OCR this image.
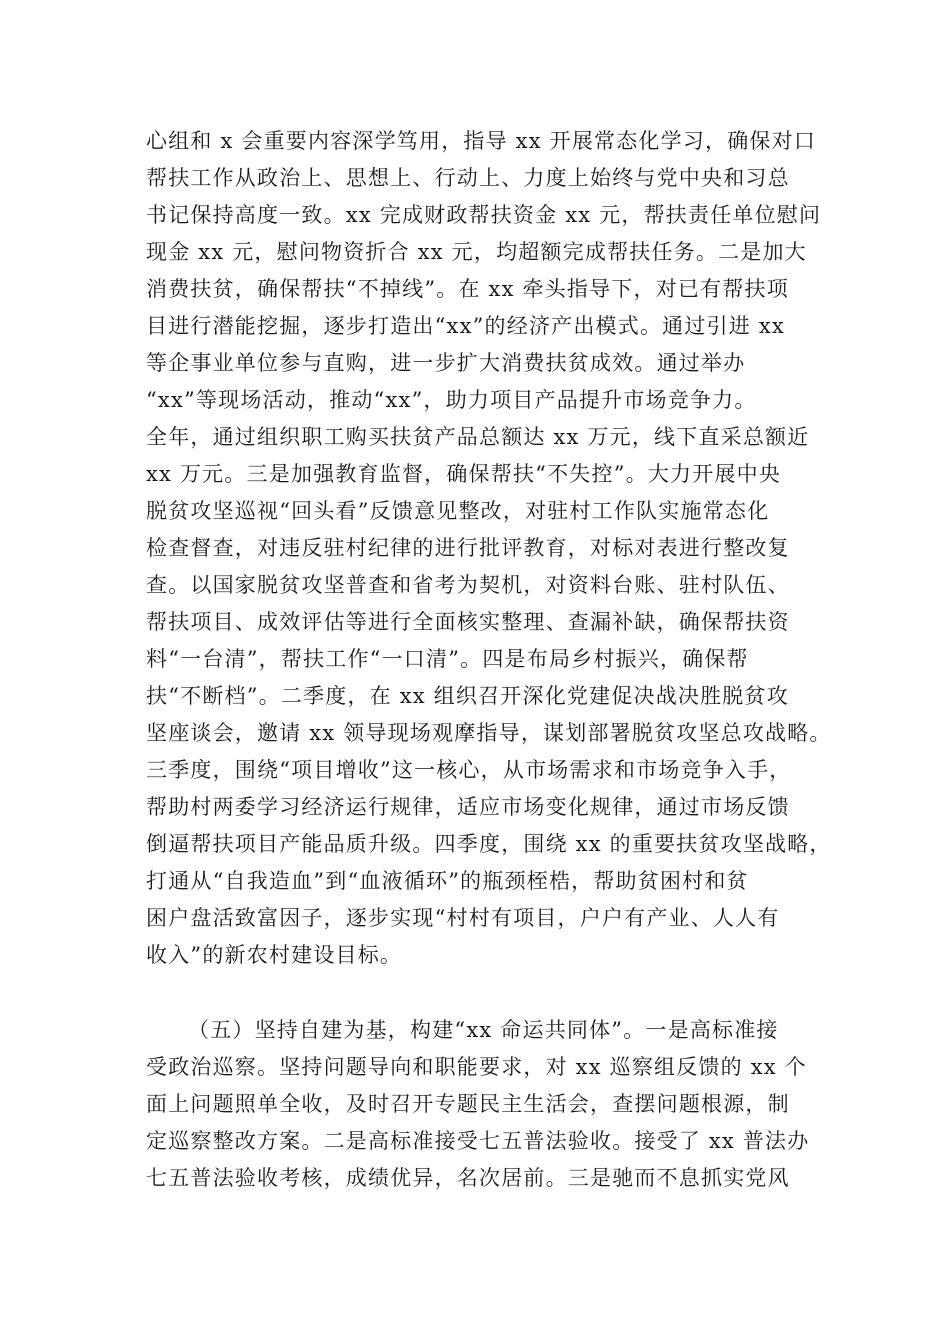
心组和 x 会重要内容深学笃用，指导 xx 开展常态化学习，确保对口
帮扶工作从政治上、思想上、行动上、力度上始终与党中央和习总
书记保持高度一致。xx 完成财政帮扶资金 xx 元，帮扶责任单位慰问
现金 xx 元，慰问物资折合 xx 元，均超额完成帮扶任务。二是加大
消费扶贫，确保帮扶“不掉线”。在 xx 牵头指导下，对已有帮扶项
目进行潜能挖掘，逐步打造出“xx”的经济产出模式。通过引进 xx
等企事业单位参与直购，进一步扩大消费扶贫成效。通过举办
“xx”等现场活动，推动“xx”，助力项目产品提升市场竞争力。
全年，通过组织职工购买扶贫产品总额达 xx 万元，线下直采总额近
xx 万元。三是加强教育监督，确保帮扶“不失控”。大力开展中央
脱贫攻坚巡视“回头看”反馈意见整改，对驻村工作队实施常态化
检查督查，对违反驻村纪律的进行批评教育，对标对表进行整改复
查。以国家脱贫攻坚普查和省考为契机，对资料台账、驻村队伍、
帮扶项目、成效评估等进行全面核实整理、查漏补缺，确保帮扶资
料“一台清”，帮扶工作“一口清”。四是布局乡村振兴，确保帮
扶“不断档”。二季度，在 xx 组织召开深化党建促决战决胜脱贫攻
坚座谈会，邀请 xx 领导现场观摩指导，谋划部署脱贫攻坚总攻战略。
三季度，围绕“项目增收”这一核心，从市场需求和市场竞争入手，
帮助村两委学习经济运行规律，适应市场变化规律，通过市场反馈
倒逼帮扶项目产能品质升级。四季度，围绕 xx 的重要扶贫攻坚战略，
打通从“自我造血”到“血液循环”的瓶颈桎梏，帮助贫困村和贫
困户盘活致富因子，逐步实现“村村有项目，户户有产业、人人有
收入”的新农村建设目标。
（五）坚持自建为基，构建“xx 命运共同体”。一是高标准接
受政治巡察。坚持问题导向和职能要求，对 xx 巡察组反馈的 xx 个
面上问题照单全收，及时召开专题民主生活会，查摆问题根源，制
定巡察整改方案。二是高标准接受七五普法验收。接受了 xx 普法办
七五普法验收考核，成绩优异，名次居前。三是驰而不息抓实党风
